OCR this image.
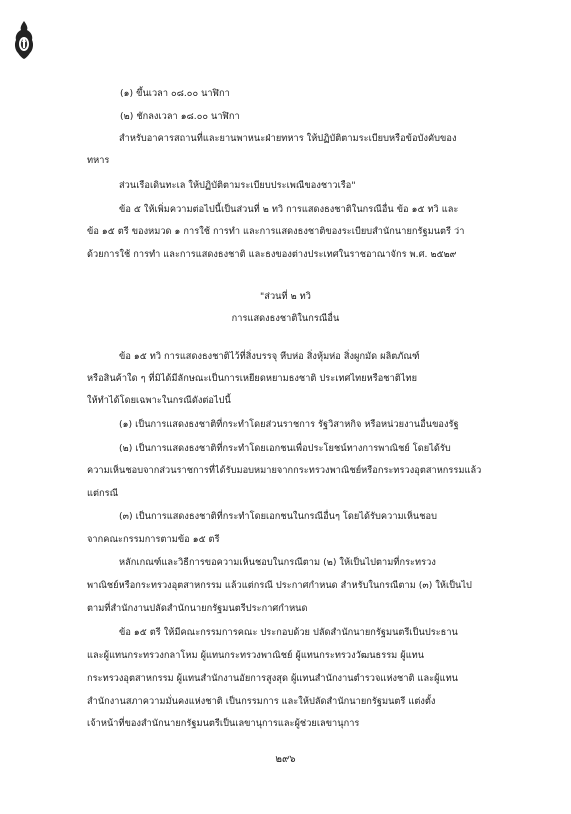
(๑) ขึ้นเวลา ๐๘.๐๐ นาฬิกา
(๒) ชักลงเวลา ๑๘.๐๐ นาฬิกา
สำหรับอาคารสถานที่และยานพาหนะฝ่ายทหาร ให้ปฏิบัติตามระเบียบหรือข้อบังคับของ
ทหาร
ส่วนเรือเดินทะเล ให้ปฏิบัติตามระเบียบประเพณีของชาวเรือ"
ข้อ ๕ ให้เพิ่มความต่อไปนี้เป็นส่วนที่ ๒ ทวิ การแสดงธงชาติในกรณีอื่น ข้อ ๑๕ ทวิ และ
ข้อ ๑๕ ตรี ของหมวด ๑ การใช้ การทำ และการแสดงธงชาติของระเบียบสำนักนายกรัฐมนตรี ว่า
ด้วยการใช้ การทำ และการแสดงธงชาติ และธงของต่างประเทศในราชอาณาจักร พ.ศ. ๒๕๒๙
"ส่วนที่ ๒ ทวิ
การแสดงธงชาติในกรณีอื่น
ข้อ ๑๕ ทวิ การแสดงธงชาติไว้ที่สิ่งบรรจุ หีบห่อ สิ่งหุ้มห่อ สิ่งผูกมัด ผลิตภัณฑ์
หรือสินค้าใด ๆ ที่มิได้มีลักษณะเป็นการเหยียดหยามธงชาติ ประเทศไทยหรือชาติไทย
ให้ทำได้โดยเฉพาะในกรณีดังต่อไปนี้
(๑) เป็นการแสดงธงชาติที่กระทำโดยส่วนราชการ รัฐวิสาหกิจ หรือหน่วยงานอื่นของรัฐ
(๒) เป็นการแสดงธงชาติที่กระทำโดยเอกชนเพื่อประโยชน์ทางการพาณิชย์ โดยได้รับ
ความเห็นชอบจากส่วนราชการที่ได้รับมอบหมายจากกระทรวงพาณิชย์หรือกระทรวงอุตสาหกรรมแล้ว
แต่กรณี
(๓) เป็นการแสดงธงชาติที่กระทำโดยเอกชนในกรณีอื่นๆ โดยได้รับความเห็นชอบ
จากคณะกรรมการตามข้อ ๑๕ ตรี
หลักเกณฑ์และวิธีการขอความเห็นชอบในกรณีตาม (๒) ให้เป็นไปตามที่กระทรวง
พาณิชย์หรือกระทรวงอุตสาหกรรม แล้วแต่กรณี ประกาศกำหนด สำหรับในกรณีตาม (๓) ให้เป็นไป
ตามที่สำนักงานปลัดสำนักนายกรัฐมนตรีประกาศกำหนด
ข้อ ๑๕ ตรี ให้มีคณะกรรมการคณะ ประกอบด้วย ปลัดสำนักนายกรัฐมนตรีเป็นประธาน
และผู้แทนกระทรวงกลาโหม ผู้แทนกระทรวงพาณิชย์ ผู้แทนกระทรวงวัฒนธรรม ผู้แทน
กระทรวงอุตสาหกรรม ผู้แทนสำนักงานอัยการสูงสุด ผู้แทนสำนักงานตำรวจแห่งชาติ และผู้แทน
สำนักงานสภาความมั่นคงแห่งชาติ เป็นกรรมการ และให้ปลัดสำนักนายกรัฐมนตรี แต่งตั้ง
เจ้าหน้าที่ของสำนักนายกรัฐมนตรีเป็นเลขานุการและผู้ช่วยเลขานุการ
๒๙๖
